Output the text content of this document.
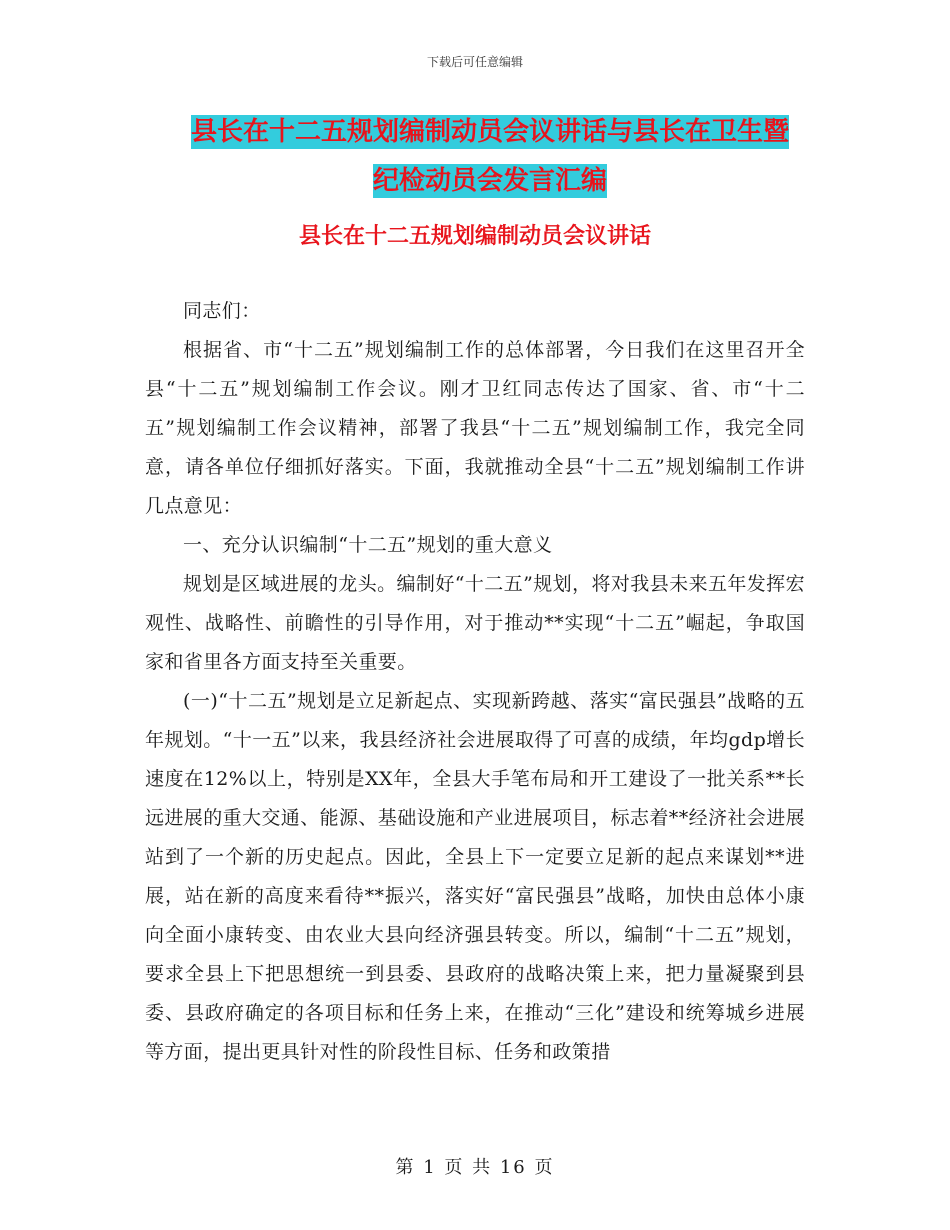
下载后可任意编辑
县长在十二五规划编制动员会议讲话与县长在卫生暨
纪检动员会发言汇编
县长在十二五规划编制动员会议讲话

同志们：

根据省、市“十二五”规划编制工作的总体部署，今日我们在这里召开全县“十二五”规划编制工作会议。刚才卫红同志传达了国家、省、市“十二五”规划编制工作会议精神，部署了我县“十二五”规划编制工作，我完全同意，请各单位仔细抓好落实。下面，我就推动全县“十二五”规划编制工作讲几点意见：

一、充分认识编制“十二五”规划的重大意义

规划是区域进展的龙头。编制好“十二五”规划，将对我县未来五年发挥宏观性、战略性、前瞻性的引导作用，对于推动**实现“十二五”崛起，争取国家和省里各方面支持至关重要。

(一)“十二五”规划是立足新起点、实现新跨越、落实“富民强县”战略的五年规划。“十一五”以来，我县经济社会进展取得了可喜的成绩，年均gdp增长速度在12%以上，特别是XX年，全县大手笔布局和开工建设了一批关系**长远进展的重大交通、能源、基础设施和产业进展项目，标志着**经济社会进展站到了一个新的历史起点。因此，全县上下一定要立足新的起点来谋划**进展，站在新的高度来看待**振兴，落实好“富民强县”战略，加快由总体小康向全面小康转变、由农业大县向经济强县转变。所以，编制“十二五”规划，要求全县上下把思想统一到县委、县政府的战略决策上来，把力量凝聚到县委、县政府确定的各项目标和任务上来，在推动“三化”建设和统筹城乡进展等方面，提出更具针对性的阶段性目标、任务和政策措

第 1 页 共 16 页
